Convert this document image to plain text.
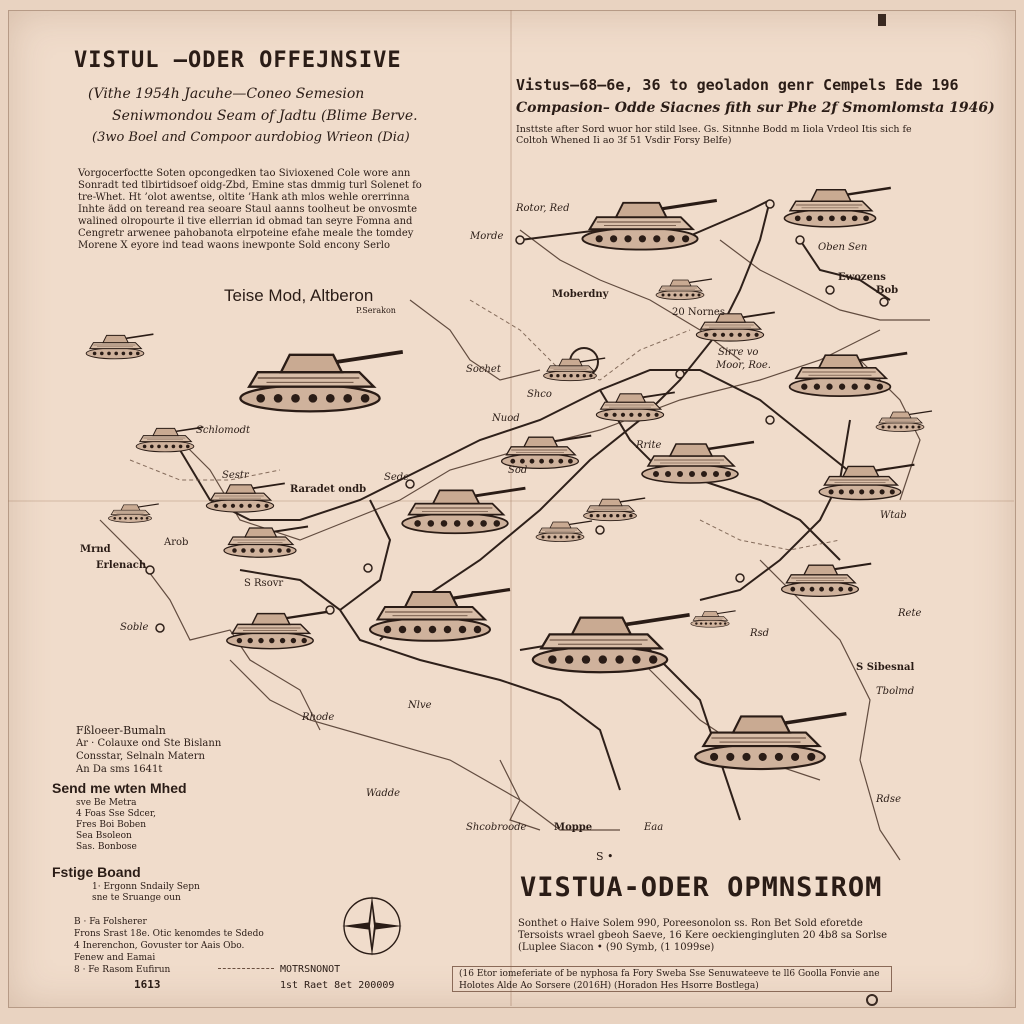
VISTUL –ODER OFFEJNSIVE
(Vithe 1954h Jacuhe—Coneo Semesion
Seniwmondou Seam of Jadtu (Blime Berve.
(3wo Boel and Compoor aurdobiog Wrieon (Dia)
Vorgocerfoctte Soten opcongedken tao Sivioxened Cole wore ann Sonradt ted tlbirtidsoef oidg-Zbd, Emine stas dmmig turl Solenet fo tre-Whet. Ht ’olot awentse, oltite ’Hank ath mlos wehle orerrinna Inhte ädd on tereand rea seoare Staul aanns toolheut be onvosmte walined olropourte il tive ellerrian id obmad tan seyre Fomna and Cengretr arwenee pahobanota elrpoteine efahe meale the tomdey Morene X eyore ind tead waons inewponte Sold encony Serlo
Vistus–68–6e, 36 to geoladon genr Cempels Ede 196
Compasion– Odde Siacnes fith sur Phe 2f Smomlomsta 1946)
Insttste after Sord wuor hor stild lsee. Gs. Sitnnhe Bodd m Iiola Vrdeol Itis sich fe Coltoh Whened Ii ao 3f 51 Vsdir Forsy Belfe)
Teise Mod, Altberon
P.Serakon
Rotor, Red
Morde
Moberdny
20 Nornes
Oben Sen
Ewozens
Bob
Sochet
Sirre vo
Moor, Roe.
Shco
Nuod
Schlomodt
Rrite
Sod
Sede
Raradet ondb
Sestr
Mrnd
Erlenach
Arob
Soble
S Rsovr
Wtab
Rete
S Sibesnal
Tbolmd
Rsd
Rhode
Nlve
Wadde
Shcobroode	Moppe	Eaa
Rdse
S •
Fßloeer-Bumaln
Ar · Colauxe ond Ste Bislann
Consstar, Selnaln Matern
An Da sms 1641t
Send me wten Mhed
sve Be Metra
4 Foas Sse Sdcer,
Fres Boi Boben
Sea Bsoleon
Sas. Bonbose
Fstige Boand
1· Ergonn Sndaily Sepn
sne te Sruange oun
B · Fa Folsherer
Frons Srast 18e. Otic kenomdes te Sdedo
4 Inerenchon, Govuster tor Aais Obo.
Fenew and Eamai
8 · Fe Rasom Eufirun
1613
MOTRSNONOT
1st Raet 8et 200009
VISTUA-ODER OPMNSIROM
Sonthet o Haive Solem 990, Poreesonolon ss. Ron Bet Sold eforetde Tersoists wrael gbeoh Saeve, 16 Kere oeckiengingluten 20 4b8 sa Sorlse (Luplee Siacon • (90 Symb, (1 1099se)
(16 Etor iomeferiate of be nyphosa fa Fory Sweba Sse Senuwateeve te ll6 Goolla Fonvie ane Holotes Alde Ao Sorsere (2016H) (Horadon Hes Hsorre Bostlega)
